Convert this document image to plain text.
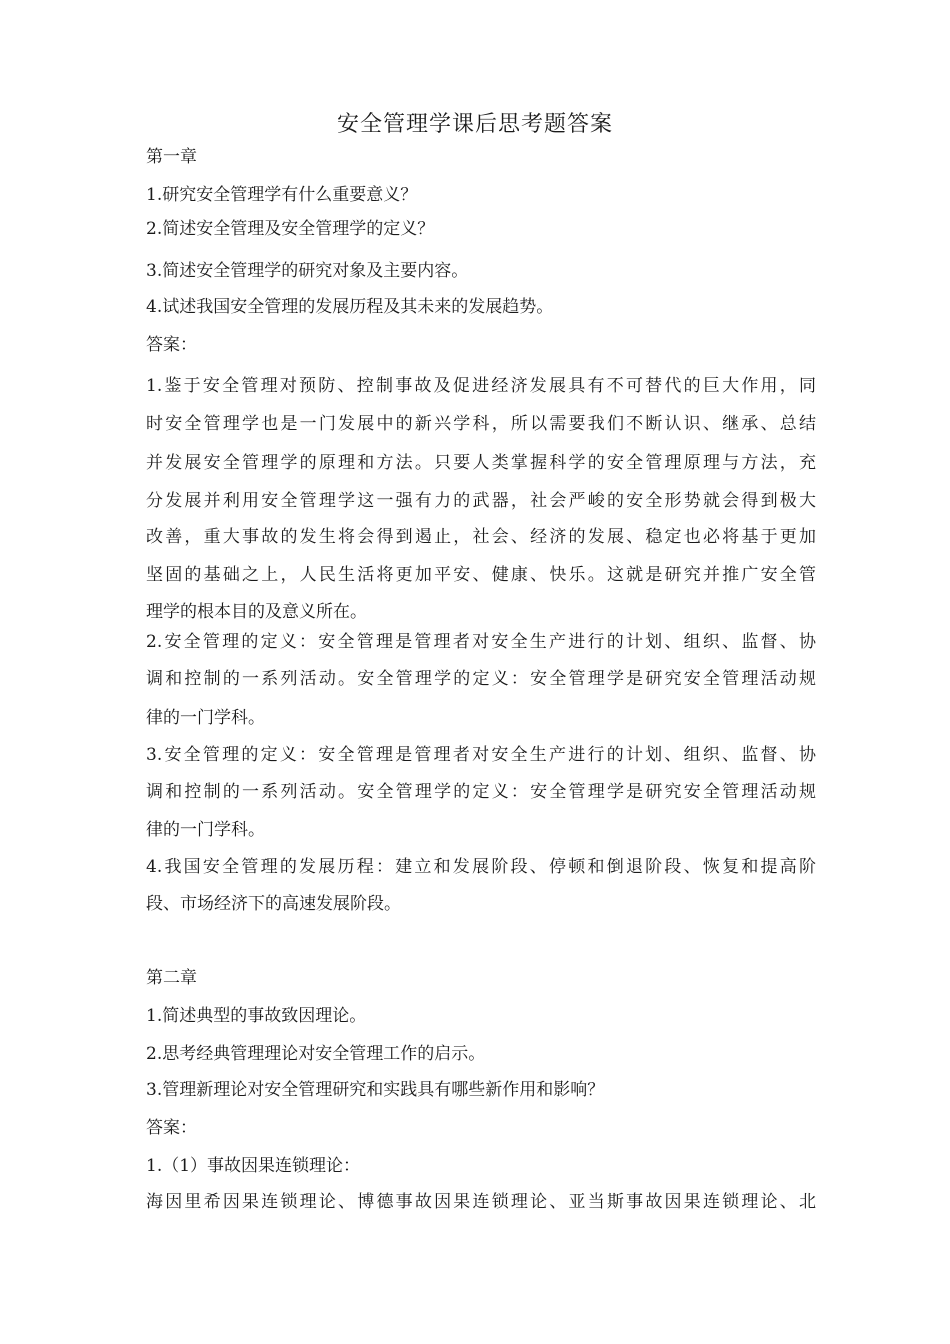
安全管理学课后思考题答案

第一章

1.研究安全管理学有什么重要意义？

2.简述安全管理及安全管理学的定义？

3.简述安全管理学的研究对象及主要内容。

4.试述我国安全管理的发展历程及其未来的发展趋势。

答案：

1.鉴于安全管理对预防、控制事故及促进经济发展具有不可替代的巨大作用，同

时安全管理学也是一门发展中的新兴学科，所以需要我们不断认识、继承、总结

并发展安全管理学的原理和方法。只要人类掌握科学的安全管理原理与方法，充

分发展并利用安全管理学这一强有力的武器，社会严峻的安全形势就会得到极大

改善，重大事故的发生将会得到遏止，社会、经济的发展、稳定也必将基于更加

坚固的基础之上，人民生活将更加平安、健康、快乐。这就是研究并推广安全管

理学的根本目的及意义所在。

2.安全管理的定义：安全管理是管理者对安全生产进行的计划、组织、监督、协

调和控制的一系列活动。安全管理学的定义：安全管理学是研究安全管理活动规

律的一门学科。

3.安全管理的定义：安全管理是管理者对安全生产进行的计划、组织、监督、协

调和控制的一系列活动。安全管理学的定义：安全管理学是研究安全管理活动规

律的一门学科。

4.我国安全管理的发展历程：建立和发展阶段、停顿和倒退阶段、恢复和提高阶

段、市场经济下的高速发展阶段。

第二章

1.简述典型的事故致因理论。

2.思考经典管理理论对安全管理工作的启示。

3.管理新理论对安全管理研究和实践具有哪些新作用和影响？

答案：

1.（1）事故因果连锁理论：

海因里希因果连锁理论、博德事故因果连锁理论、亚当斯事故因果连锁理论、北
